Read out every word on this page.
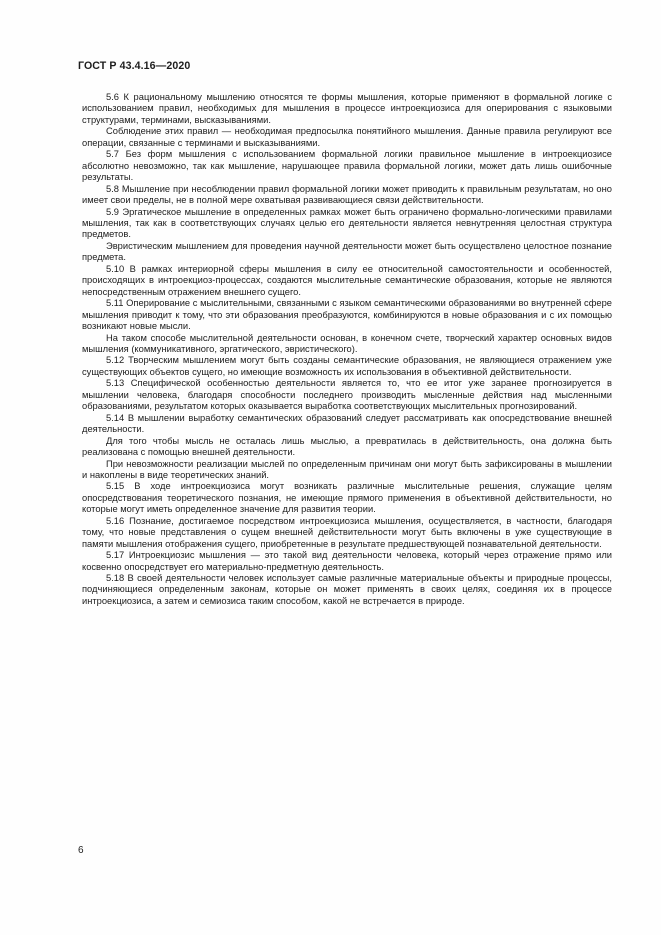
ГОСТ Р 43.4.16—2020

5.6 К рациональному мышлению относятся те формы мышления, которые применяют в формальной логике с использованием правил, необходимых для мышления в процессе интроекциозиса для оперирования с языковыми структурами, терминами, высказываниями.

Соблюдение этих правил — необходимая предпосылка понятийного мышления. Данные правила регулируют все операции, связанные с терминами и высказываниями.

5.7 Без форм мышления с использованием формальной логики правильное мышление в интроекциозисе абсолютно невозможно, так как мышление, нарушающее правила формальной логики, может дать лишь ошибочные результаты.

5.8 Мышление при несоблюдении правил формальной логики может приводить к правильным результатам, но оно имеет свои пределы, не в полной мере охватывая развивающиеся связи действительности.

5.9 Эргатическое мышление в определенных рамках может быть ограничено формально-логическими правилами мышления, так как в соответствующих случаях целью его деятельности является невнутренняя целостная структура предметов.

Эвристическим мышлением для проведения научной деятельности может быть осуществлено целостное познание предмета.

5.10 В рамках интериорной сферы мышления в силу ее относительной самостоятельности и особенностей, происходящих в интроекциоз-процессах, создаются мыслительные семантические образования, которые не являются непосредственным отражением внешнего сущего.

5.11 Оперирование с мыслительными, связанными с языком семантическими образованиями во внутренней сфере мышления приводит к тому, что эти образования преобразуются, комбинируются в новые образования и с их помощью возникают новые мысли.

На таком способе мыслительной деятельности основан, в конечном счете, творческий характер основных видов мышления (коммуникативного, эргатического, эвристического).

5.12 Творческим мышлением могут быть созданы семантические образования, не являющиеся отражением уже существующих объектов сущего, но имеющие возможность их использования в объективной действительности.

5.13 Специфической особенностью деятельности является то, что ее итог уже заранее прогнозируется в мышлении человека, благодаря способности последнего производить мысленные действия над мысленными образованиями, результатом которых оказывается выработка соответствующих мыслительных прогнозирований.

5.14 В мышлении выработку семантических образований следует рассматривать как опосредствование внешней деятельности.

Для того чтобы мысль не осталась лишь мыслью, а превратилась в действительность, она должна быть реализована с помощью внешней деятельности.

При невозможности реализации мыслей по определенным причинам они могут быть зафиксированы в мышлении и накоплены в виде теоретических знаний.

5.15 В ходе интроекциозиса могут возникать различные мыслительные решения, служащие целям опосредствования теоретического познания, не имеющие прямого применения в объективной действительности, но которые могут иметь определенное значение для развития теории.

5.16 Познание, достигаемое посредством интроекциозиса мышления, осуществляется, в частности, благодаря тому, что новые представления о сущем внешней действительности могут быть включены в уже существующие в памяти мышления отображения сущего, приобретенные в результате предшествующей познавательной деятельности.

5.17 Интроекциозис мышления — это такой вид деятельности человека, который через отражение прямо или косвенно опосредствует его материально-предметную деятельность.

5.18 В своей деятельности человек использует самые различные материальные объекты и природные процессы, подчиняющиеся определенным законам, которые он может применять в своих целях, соединяя их в процессе интроекциозиса, а затем и семиозиса таким способом, какой не встречается в природе.

6
